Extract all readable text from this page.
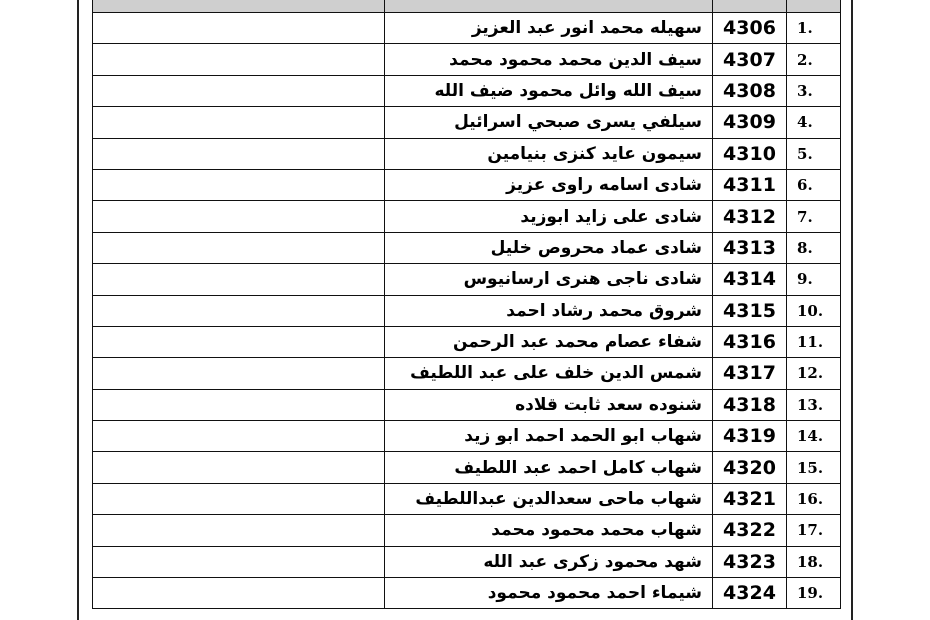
.1	4306	سهيله محمد انور عبد العزيز	
.2	4307	سيف الدين محمد محمود محمد	
.3	4308	سيف الله وائل محمود ضيف الله	
.4	4309	سيلفي يسرى صبحي اسرائيل	
.5	4310	سيمون عايد كنزى بنيامين	
.6	4311	شادى اسامه راوى عزيز	
.7	4312	شادى على زايد ابوزيد	
.8	4313	شادى عماد محروص خليل	
.9	4314	شادى ناجى هنرى ارسانيوس	
.10	4315	شروق محمد رشاد احمد	
.11	4316	شفاء عصام محمد عبد الرحمن	
.12	4317	شمس الدين خلف على عبد اللطيف	
.13	4318	شنوده سعد ثابت قلاده	
.14	4319	شهاب ابو الحمد احمد ابو زيد	
.15	4320	شهاب كامل احمد عبد اللطيف	
.16	4321	شهاب ماحى سعدالدين عبداللطيف	
.17	4322	شهاب محمد محمود محمد	
.18	4323	شهد محمود زكرى عبد الله	
.19	4324	شيماء احمد محمود محمود	
